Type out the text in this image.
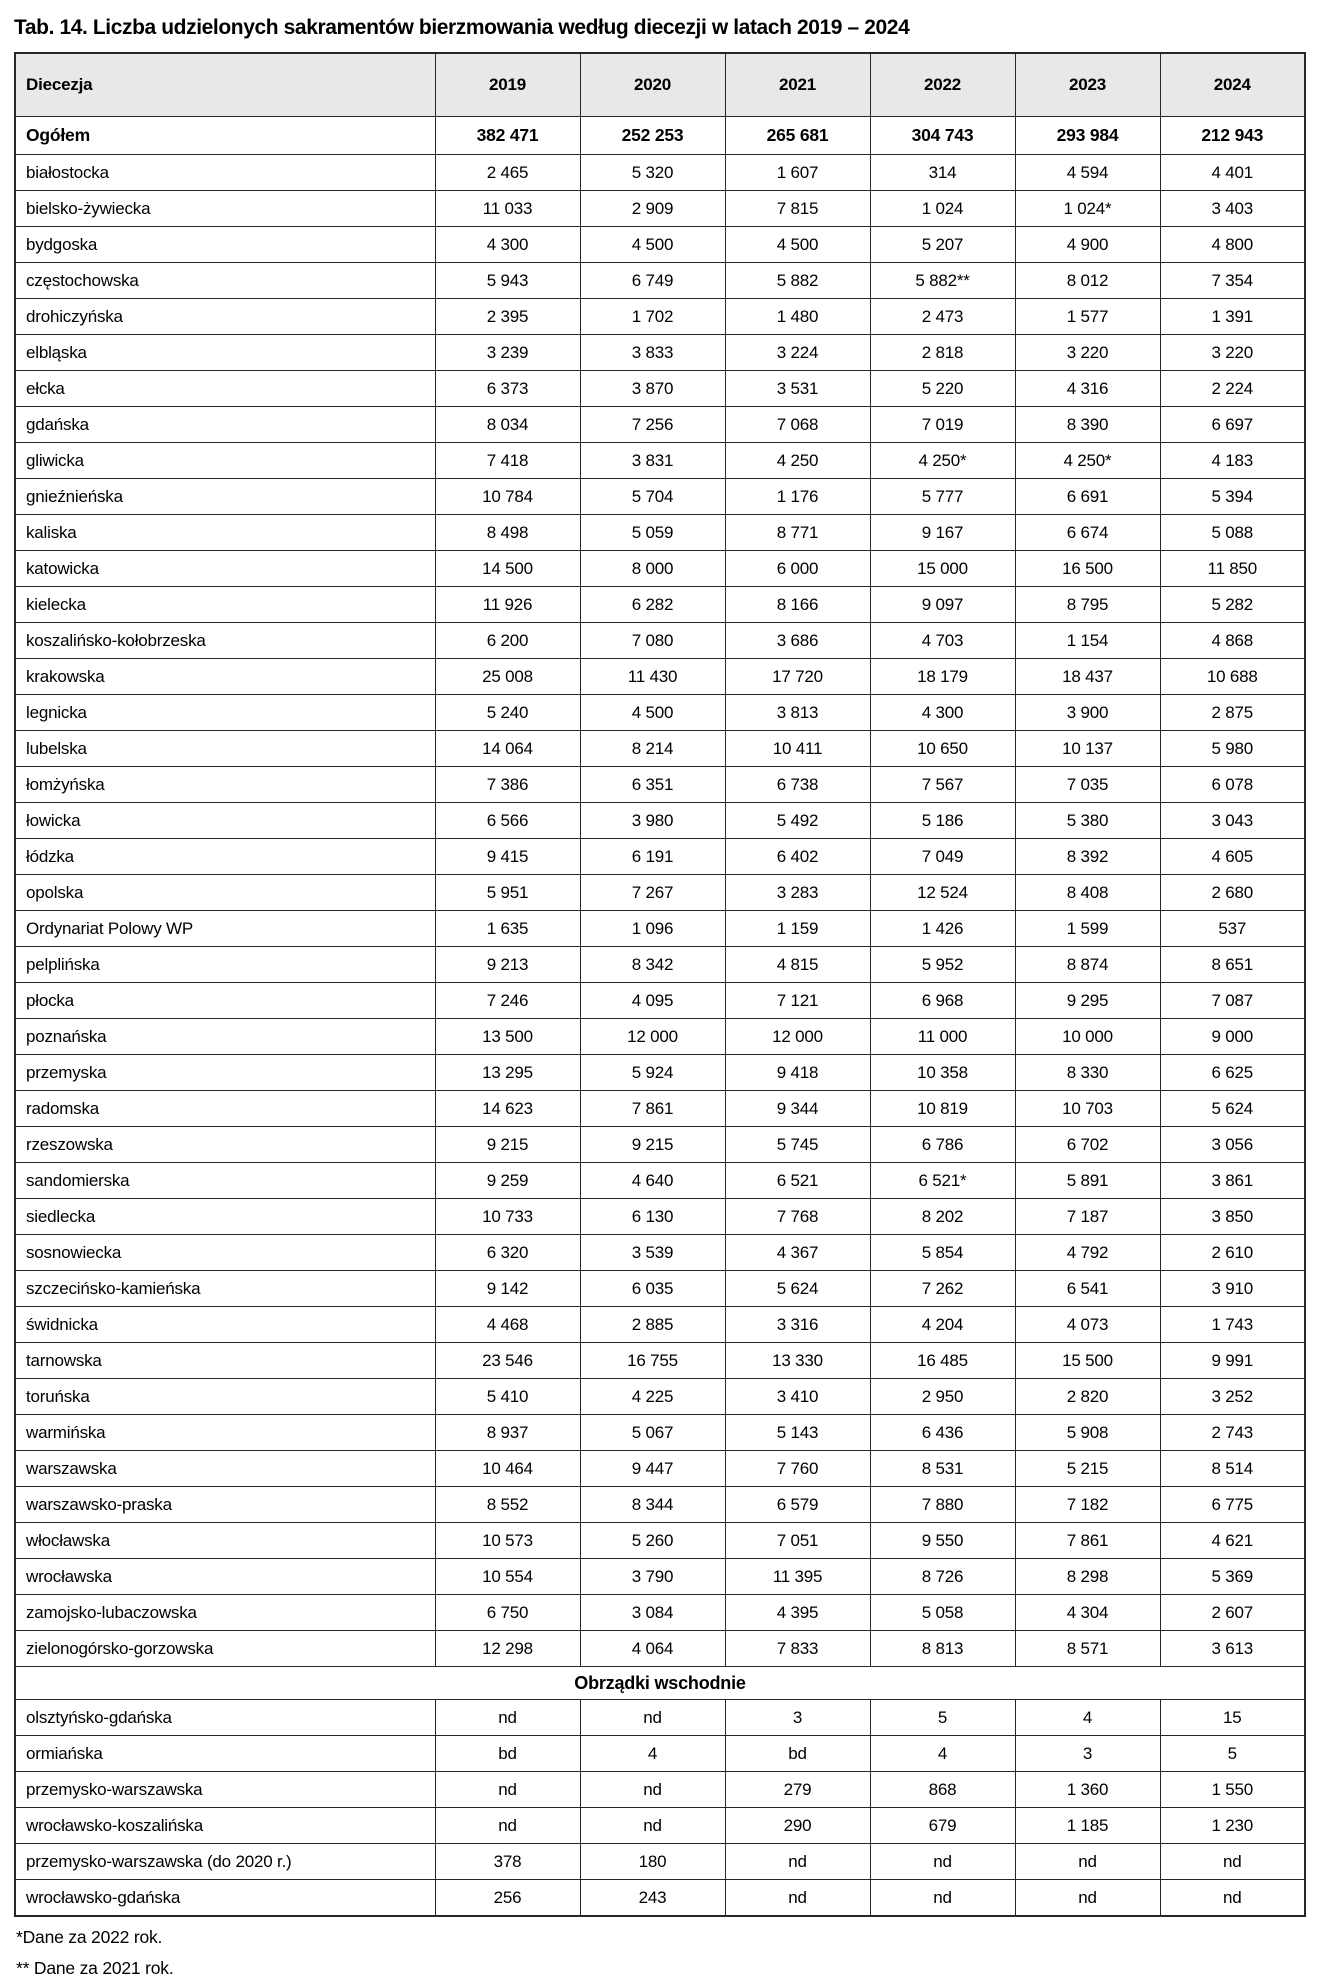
Tab. 14. Liczba udzielonych sakramentów bierzmowania według diecezji w latach 2019 – 2024
Diecezja	2019	2020	2021	2022	2023	2024
Ogółem	382 471	252 253	265 681	304 743	293 984	212 943
białostocka	2 465	5 320	1 607	314	4 594	4 401
bielsko-żywiecka	11 033	2 909	7 815	1 024	1 024*	3 403
bydgoska	4 300	4 500	4 500	5 207	4 900	4 800
częstochowska	5 943	6 749	5 882	5 882**	8 012	7 354
drohiczyńska	2 395	1 702	1 480	2 473	1 577	1 391
elbląska	3 239	3 833	3 224	2 818	3 220	3 220
ełcka	6 373	3 870	3 531	5 220	4 316	2 224
gdańska	8 034	7 256	7 068	7 019	8 390	6 697
gliwicka	7 418	3 831	4 250	4 250*	4 250*	4 183
gnieźnieńska	10 784	5 704	1 176	5 777	6 691	5 394
kaliska	8 498	5 059	8 771	9 167	6 674	5 088
katowicka	14 500	8 000	6 000	15 000	16 500	11 850
kielecka	11 926	6 282	8 166	9 097	8 795	5 282
koszalińsko-kołobrzeska	6 200	7 080	3 686	4 703	1 154	4 868
krakowska	25 008	11 430	17 720	18 179	18 437	10 688
legnicka	5 240	4 500	3 813	4 300	3 900	2 875
lubelska	14 064	8 214	10 411	10 650	10 137	5 980
łomżyńska	7 386	6 351	6 738	7 567	7 035	6 078
łowicka	6 566	3 980	5 492	5 186	5 380	3 043
łódzka	9 415	6 191	6 402	7 049	8 392	4 605
opolska	5 951	7 267	3 283	12 524	8 408	2 680
Ordynariat Polowy WP	1 635	1 096	1 159	1 426	1 599	537
pelplińska	9 213	8 342	4 815	5 952	8 874	8 651
płocka	7 246	4 095	7 121	6 968	9 295	7 087
poznańska	13 500	12 000	12 000	11 000	10 000	9 000
przemyska	13 295	5 924	9 418	10 358	8 330	6 625
radomska	14 623	7 861	9 344	10 819	10 703	5 624
rzeszowska	9 215	9 215	5 745	6 786	6 702	3 056
sandomierska	9 259	4 640	6 521	6 521*	5 891	3 861
siedlecka	10 733	6 130	7 768	8 202	7 187	3 850
sosnowiecka	6 320	3 539	4 367	5 854	4 792	2 610
szczecińsko-kamieńska	9 142	6 035	5 624	7 262	6 541	3 910
świdnicka	4 468	2 885	3 316	4 204	4 073	1 743
tarnowska	23 546	16 755	13 330	16 485	15 500	9 991
toruńska	5 410	4 225	3 410	2 950	2 820	3 252
warmińska	8 937	5 067	5 143	6 436	5 908	2 743
warszawska	10 464	9 447	7 760	8 531	5 215	8 514
warszawsko-praska	8 552	8 344	6 579	7 880	7 182	6 775
włocławska	10 573	5 260	7 051	9 550	7 861	4 621
wrocławska	10 554	3 790	11 395	8 726	8 298	5 369
zamojsko-lubaczowska	6 750	3 084	4 395	5 058	4 304	2 607
zielonogórsko-gorzowska	12 298	4 064	7 833	8 813	8 571	3 613
Obrządki wschodnie						
olsztyńsko-gdańska	nd	nd	3	5	4	15
ormiańska	bd	4	bd	4	3	5
przemysko-warszawska	nd	nd	279	868	1 360	1 550
wrocławsko-koszalińska	nd	nd	290	679	1 185	1 230
przemysko-warszawska (do 2020 r.)	378	180	nd	nd	nd	nd
wrocławsko-gdańska	256	243	nd	nd	nd	nd
*Dane za 2022 rok.
** Dane za 2021 rok.
